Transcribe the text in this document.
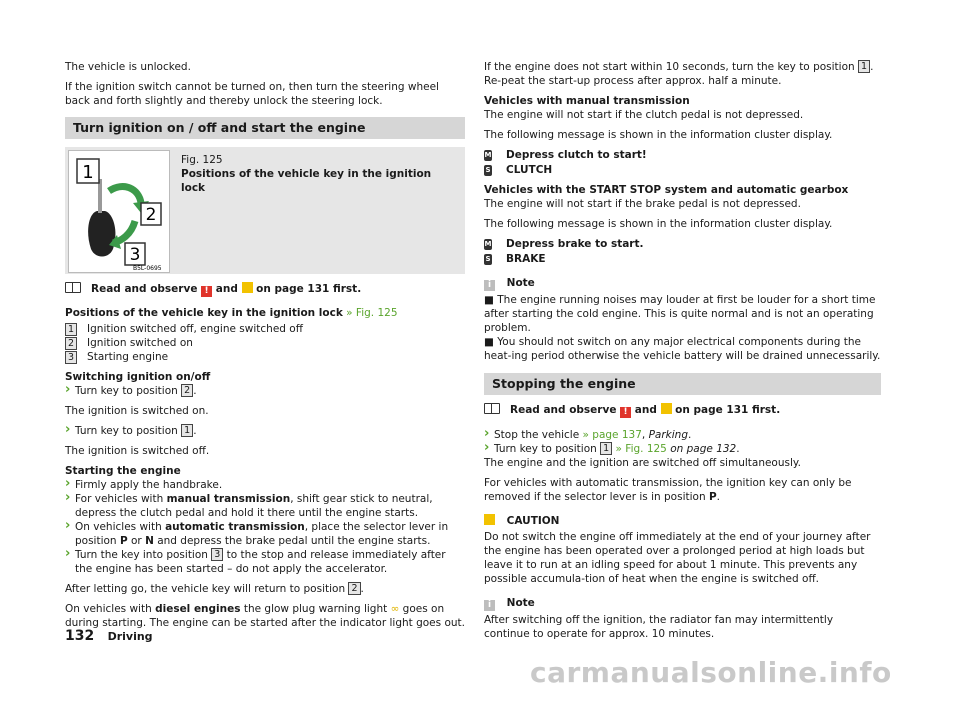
The vehicle is unlocked.

If the ignition switch cannot be turned on, then turn the steering wheel back and forth slightly and thereby unlock the steering lock.

Turn ignition on / off and start the engine
1
2
3
B5L-0695
Fig. 125
Positions of the vehicle key in the ignition lock

Read and observe ! and on page 131 first.

Positions of the vehicle key in the ignition lock » Fig. 125

1 Ignition switched off, engine switched off
2 Ignition switched on
3 Starting engine
Switching ignition on/off

› Turn key to position 2 .

The ignition is switched on.

› Turn key to position 1 .

The ignition is switched off.

Starting the engine

› Firmly apply the handbrake.

› For vehicles with manual transmission, shift gear stick to neutral, depress the clutch pedal and hold it there until the engine starts.

› On vehicles with automatic transmission, place the selector lever in position P or N and depress the brake pedal until the engine starts.

› Turn the key into position 3 to the stop and release immediately after the engine has been started – do not apply the accelerator.

After letting go, the vehicle key will return to position 2 .

On vehicles with diesel engines the glow plug warning light ∞ goes on during starting. The engine can be started after the indicator light goes out.

If the engine does not start within 10 seconds, turn the key to position 1 . Re-peat the start-up process after approx. half a minute.

Vehicles with manual transmission

The engine will not start if the clutch pedal is not depressed.

The following message is shown in the information cluster display.

M Depress clutch to start!
S CLUTCH
Vehicles with the START STOP system and automatic gearbox

The engine will not start if the brake pedal is not depressed.

The following message is shown in the information cluster display.

M Depress brake to start.
S BRAKE

i Note

■ The engine running noises may louder at first be louder for a short time after starting the cold engine. This is quite normal and is not an operating problem.

■ You should not switch on any major electrical components during the heat-ing period otherwise the vehicle battery will be drained unnecessarily.

Stopping the engine

Read and observe ! and on page 131 first.

› Stop the vehicle » page 137, Parking.

› Turn key to position 1 » Fig. 125 on page 132.

The engine and the ignition are switched off simultaneously.

For vehicles with automatic transmission, the ignition key can only be removed if the selector lever is in position P.

CAUTION

Do not switch the engine off immediately at the end of your journey after the engine has been operated over a prolonged period at high loads but leave it to run at an idling speed for about 1 minute. This prevents any possible accumula-tion of heat when the engine is switched off.

i Note

After switching off the ignition, the radiator fan may intermittently continue to operate for approx. 10 minutes.

132 Driving
carmanualsonline.info
